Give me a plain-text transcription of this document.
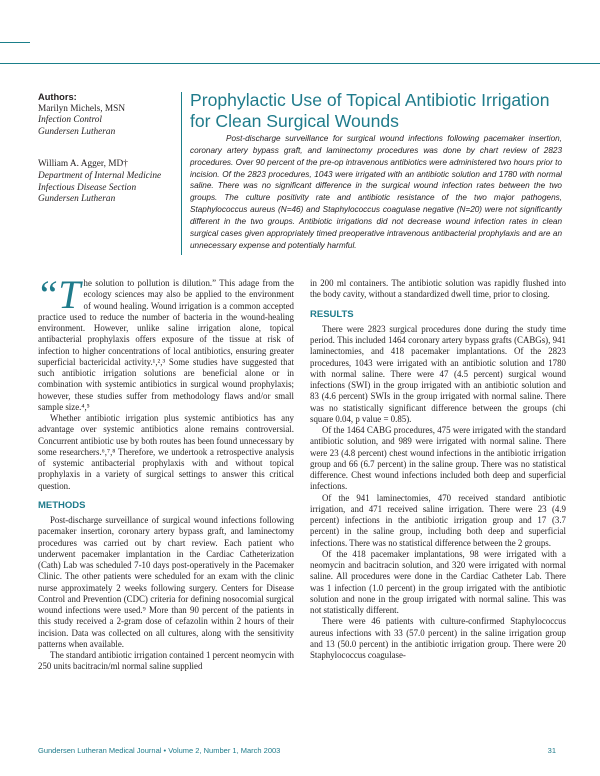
Authors:
Marilyn Michels, MSN
Infection Control
Gundersen Lutheran
William A. Agger, MD†
Department of Internal Medicine
Infectious Disease Section
Gundersen Lutheran
Prophylactic Use of Topical Antibiotic Irrigation for Clean Surgical Wounds
Post-discharge surveillance for surgical wound infections following pacemaker insertion, coronary artery bypass graft, and laminectomy procedures was done by chart review of 2823 procedures. Over 90 percent of the pre-op intravenous antibiotics were administered two hours prior to incision. Of the 2823 procedures, 1043 were irrigated with an antibiotic solution and 1780 with normal saline. There was no significant difference in the surgical wound infection rates between the two groups. The culture positivity rate and antibiotic resistance of the two major pathogens, Staphylococcus aureus (N=46) and Staphylococcus coagulase negative (N=20) were not significantly different in the two groups. Antibiotic irrigations did not decrease wound infection rates in clean surgical cases given appropriately timed preoperative intravenous antibacterial prophylaxis and are an unnecessary expense and potentially harmful.

“The solution to pollution is dilution.” This adage from the ecology sciences may also be applied to the environment of wound healing. Wound irrigation is a common accepted practice used to reduce the number of bacteria in the wound-healing environment. However, unlike saline irrigation alone, topical antibacterial prophylaxis offers exposure of the tissue at risk of infection to higher concentrations of local antibiotics, ensuring greater superficial bactericidal activity.¹,²,³ Some studies have suggested that such antibiotic irrigation solutions are beneficial alone or in combination with systemic antibiotics in surgical wound prophylaxis; however, these studies suffer from methodology flaws and/or small sample size.⁴,⁵

Whether antibiotic irrigation plus systemic antibiotics has any advantage over systemic antibiotics alone remains controversial. Concurrent antibiotic use by both routes has been found unnecessary by some researchers.⁶,⁷,⁸ Therefore, we undertook a retrospective analysis of systemic antibacterial prophylaxis with and without topical prophylaxis in a variety of surgical settings to answer this critical question.

METHODS

Post-discharge surveillance of surgical wound infections following pacemaker insertion, coronary artery bypass graft, and laminectomy procedures was carried out by chart review. Each patient who underwent pacemaker implantation in the Cardiac Catheterization (Cath) Lab was scheduled 7-10 days post-operatively in the Pacemaker Clinic. The other patients were scheduled for an exam with the clinic nurse approximately 2 weeks following surgery. Centers for Disease Control and Prevention (CDC) criteria for defining nosocomial surgical wound infections were used.⁹ More than 90 percent of the patients in this study received a 2-gram dose of cefazolin within 2 hours of their incision. Data was collected on all cultures, along with the sensitivity patterns when available.

The standard antibiotic irrigation contained 1 percent neomycin with 250 units bacitracin/ml normal saline supplied

in 200 ml containers. The antibiotic solution was rapidly flushed into the body cavity, without a standardized dwell time, prior to closing.

RESULTS

There were 2823 surgical procedures done during the study time period. This included 1464 coronary artery bypass grafts (CABGs), 941 laminectomies, and 418 pacemaker implantations. Of the 2823 procedures, 1043 were irrigated with an antibiotic solution and 1780 with normal saline. There were 47 (4.5 percent) surgical wound infections (SWI) in the group irrigated with an antibiotic solution and 83 (4.6 percent) SWIs in the group irrigated with normal saline. There was no statistically significant difference between the groups (chi square 0.04, p value = 0.85).

Of the 1464 CABG procedures, 475 were irrigated with the standard antibiotic solution, and 989 were irrigated with normal saline. There were 23 (4.8 percent) chest wound infections in the antibiotic irrigation group and 66 (6.7 percent) in the saline group. There was no statistical difference. Chest wound infections included both deep and superficial infections.

Of the 941 laminectomies, 470 received standard antibiotic irrigation, and 471 received saline irrigation. There were 23 (4.9 percent) infections in the antibiotic irrigation group and 17 (3.7 percent) in the saline group, including both deep and superficial infections. There was no statistical difference between the 2 groups.

Of the 418 pacemaker implantations, 98 were irrigated with a neomycin and bacitracin solution, and 320 were irrigated with normal saline. All procedures were done in the Cardiac Catheter Lab. There was 1 infection (1.0 percent) in the group irrigated with the antibiotic solution and none in the group irrigated with normal saline. This was not statistically different.

There were 46 patients with culture-confirmed Staphylococcus aureus infections with 33 (57.0 percent) in the saline irrigation group and 13 (50.0 percent) in the antibiotic irrigation group. There were 20 Staphylococcus coagulase-

Gundersen Lutheran Medical Journal • Volume 2, Number 1, March 2003	31
